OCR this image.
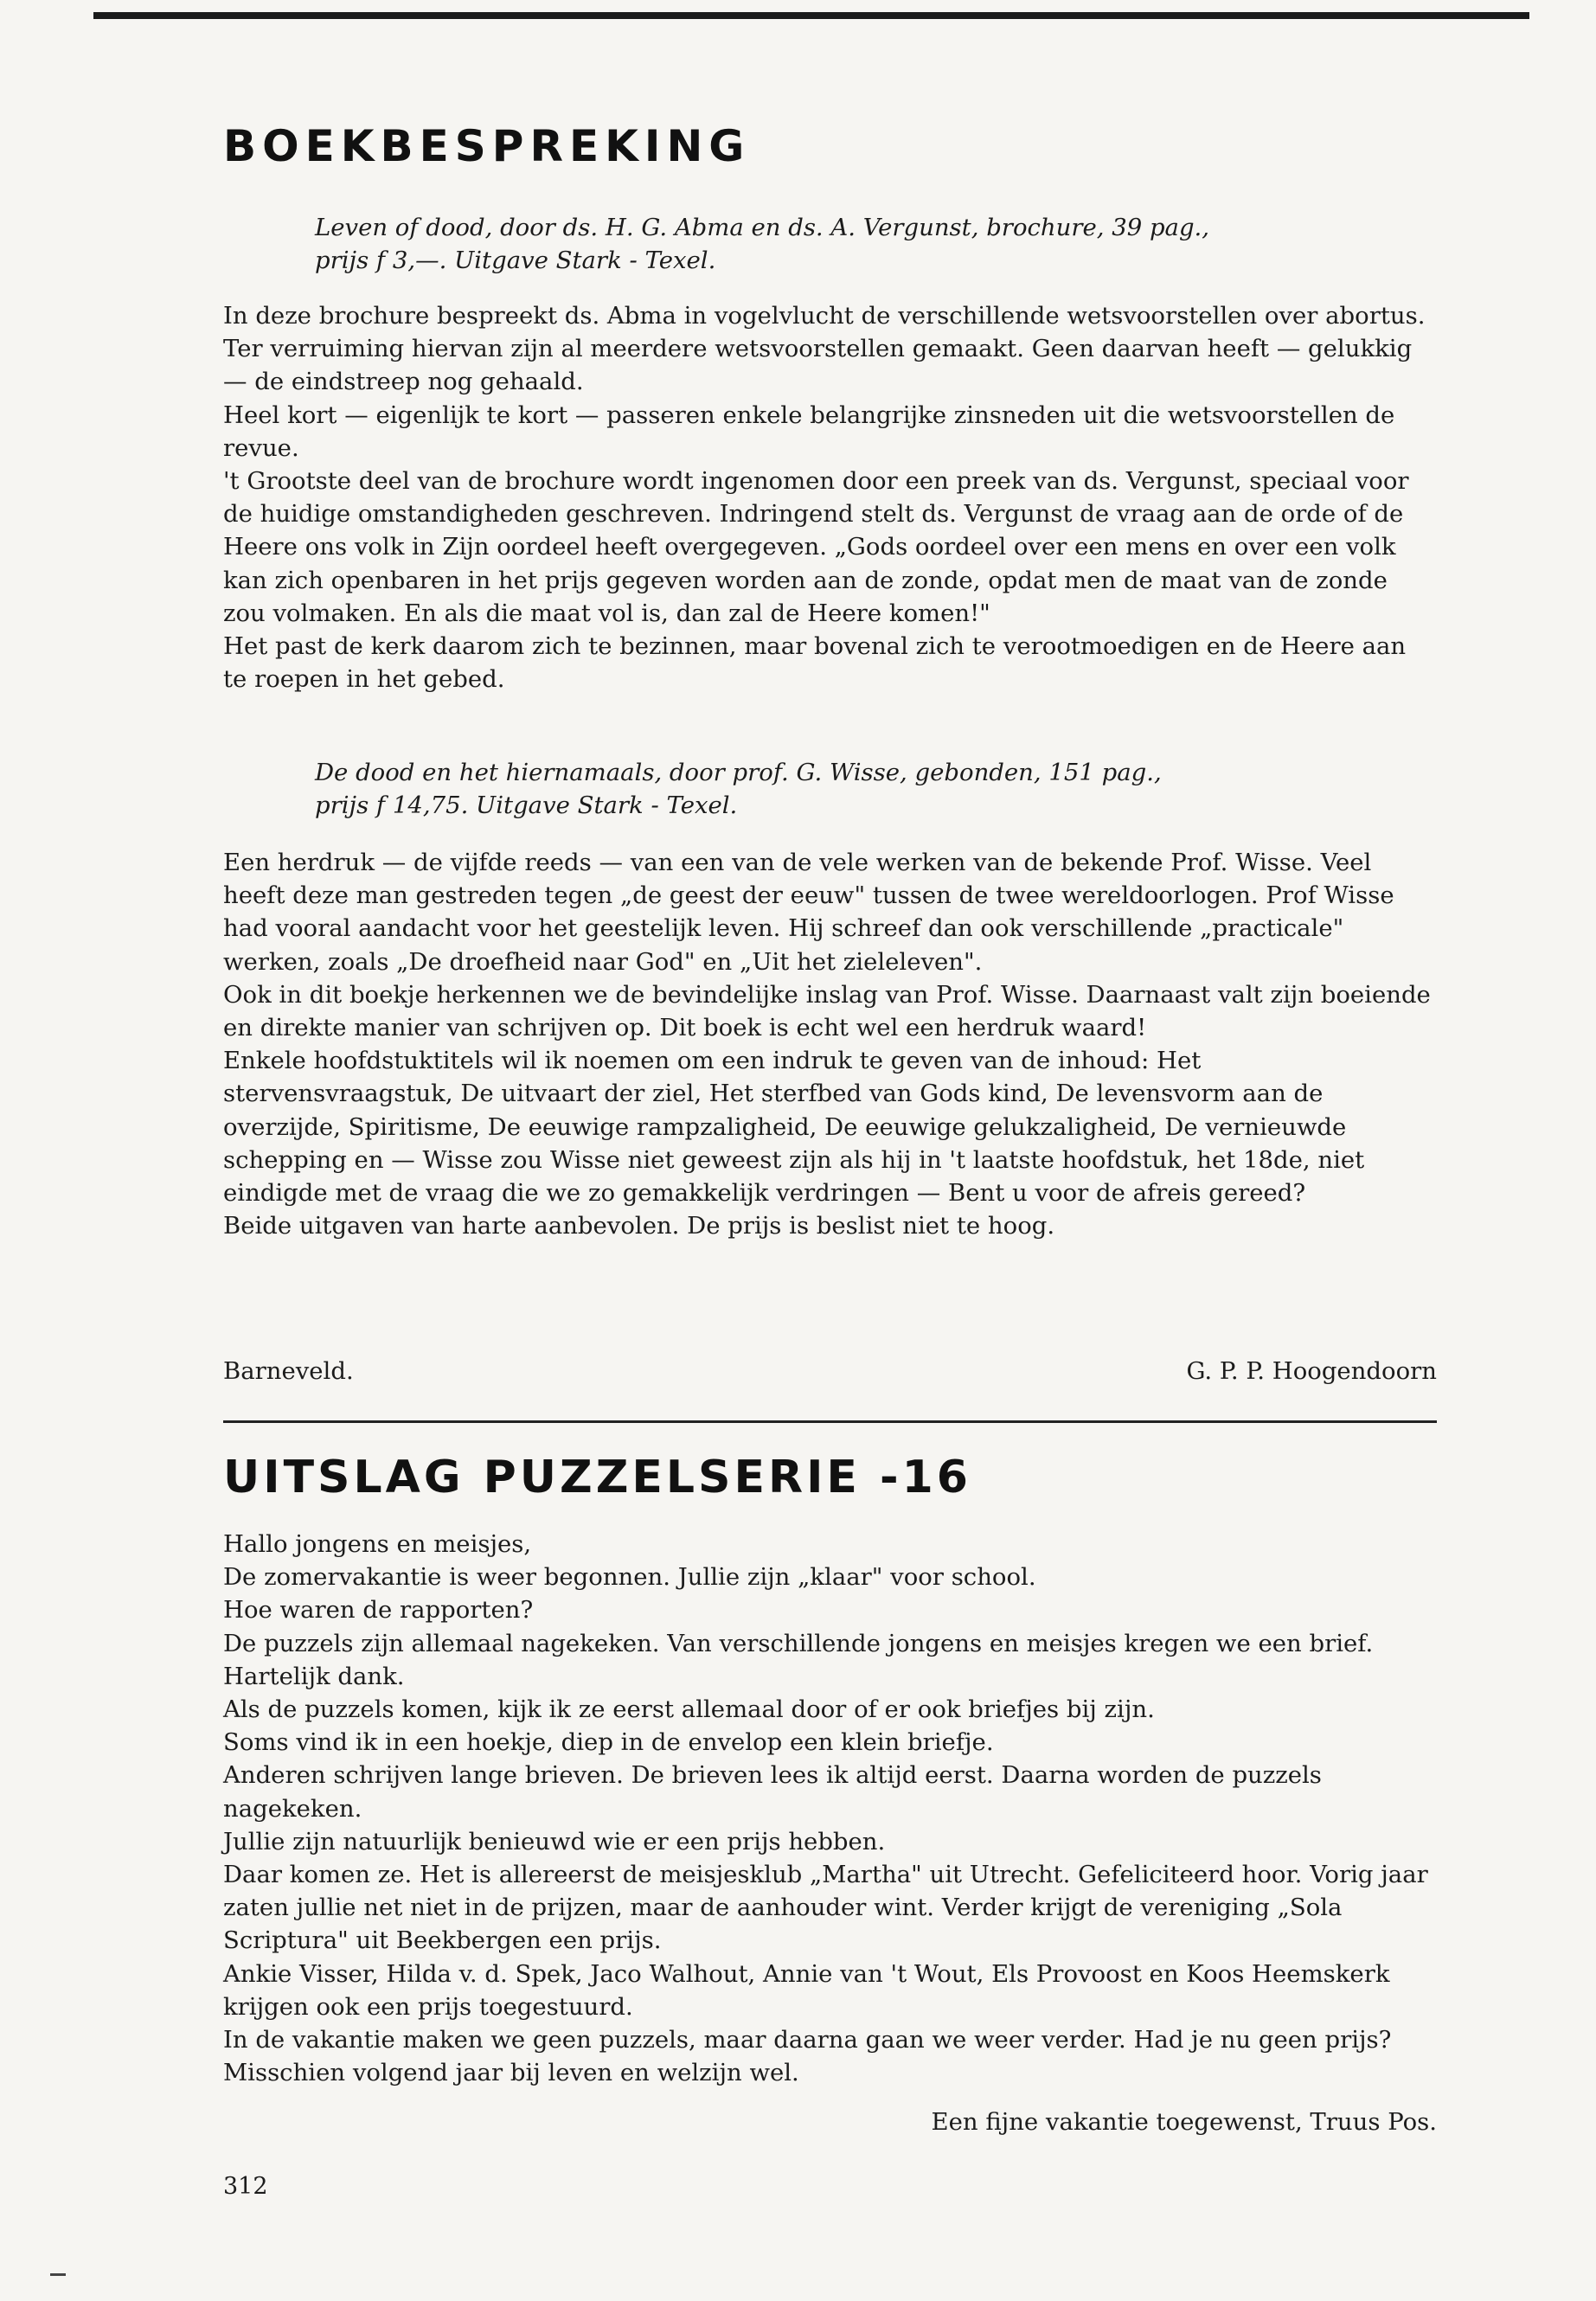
BOEKBESPREKING

Leven of dood, door ds. H. G. Abma en ds. A. Vergunst, brochure, 39 pag.,

prijs f 3,—. Uitgave Stark - Texel.

In deze brochure bespreekt ds. Abma in vogelvlucht de verschillende wetsvoorstellen over abortus. Ter verruiming hiervan zijn al meerdere wetsvoorstellen gemaakt. Geen daarvan heeft — gelukkig — de eindstreep nog gehaald.

Heel kort — eigenlijk te kort — passeren enkele belangrijke zinsneden uit die wetsvoorstellen de revue.

't Grootste deel van de brochure wordt ingenomen door een preek van ds. Vergunst, speciaal voor de huidige omstandigheden geschreven. Indringend stelt ds. Vergunst de vraag aan de orde of de Heere ons volk in Zijn oordeel heeft overgegeven. „Gods oordeel over een mens en over een volk kan zich openbaren in het prijs gegeven worden aan de zonde, opdat men de maat van de zonde zou volmaken. En als die maat vol is, dan zal de Heere komen!"

Het past de kerk daarom zich te bezinnen, maar bovenal zich te verootmoedigen en de Heere aan te roepen in het gebed.

De dood en het hiernamaals, door prof. G. Wisse, gebonden, 151 pag.,

prijs f 14,75. Uitgave Stark - Texel.

Een herdruk — de vijfde reeds — van een van de vele werken van de bekende Prof. Wisse. Veel heeft deze man gestreden tegen „de geest der eeuw" tussen de twee wereldoorlogen. Prof Wisse had vooral aandacht voor het geestelijk leven. Hij schreef dan ook verschillende „practicale" werken, zoals „De droefheid naar God" en „Uit het zieleleven".

Ook in dit boekje herkennen we de bevindelijke inslag van Prof. Wisse. Daarnaast valt zijn boeiende en direkte manier van schrijven op. Dit boek is echt wel een herdruk waard!

Enkele hoofdstuktitels wil ik noemen om een indruk te geven van de inhoud: Het stervensvraagstuk, De uitvaart der ziel, Het sterfbed van Gods kind, De levensvorm aan de overzijde, Spiritisme, De eeuwige rampzaligheid, De eeuwige gelukzaligheid, De vernieuwde schepping en — Wisse zou Wisse niet geweest zijn als hij in 't laatste hoofdstuk, het 18de, niet eindigde met de vraag die we zo gemakkelijk verdringen — Bent u voor de afreis gereed?

Beide uitgaven van harte aanbevolen. De prijs is beslist niet te hoog.

Barneveld.	G. P. P. Hoogendoorn
UITSLAG PUZZELSERIE -16

Hallo jongens en meisjes,

De zomervakantie is weer begonnen. Jullie zijn „klaar" voor school.

Hoe waren de rapporten?

De puzzels zijn allemaal nagekeken. Van verschillende jongens en meisjes kregen we een brief. Hartelijk dank.

Als de puzzels komen, kijk ik ze eerst allemaal door of er ook briefjes bij zijn.

Soms vind ik in een hoekje, diep in de envelop een klein briefje.

Anderen schrijven lange brieven. De brieven lees ik altijd eerst. Daarna worden de puzzels nagekeken.

Jullie zijn natuurlijk benieuwd wie er een prijs hebben.

Daar komen ze. Het is allereerst de meisjesklub „Martha" uit Utrecht. Gefeliciteerd hoor. Vorig jaar zaten jullie net niet in de prijzen, maar de aanhouder wint. Verder krijgt de vereniging „Sola Scriptura" uit Beekbergen een prijs.

Ankie Visser, Hilda v. d. Spek, Jaco Walhout, Annie van 't Wout, Els Provoost en Koos Heemskerk krijgen ook een prijs toegestuurd.

In de vakantie maken we geen puzzels, maar daarna gaan we weer verder. Had je nu geen prijs? Misschien volgend jaar bij leven en welzijn wel.

Een fijne vakantie toegewenst, Truus Pos.
312
